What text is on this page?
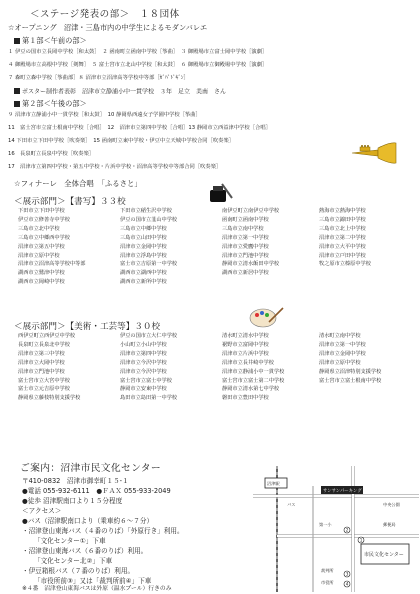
＜ステージ発表の部＞　１８団体
☆オープニング　沼津・三島市内の中学生によるモダンバレエ
第１部＜午前の部＞
１ 伊豆の国市立長岡中学校［和太鼓］　２ 函南町立函南中学校［筝曲］　３ 御殿場市立富士岡中学校［演劇］
４ 御殿場市立高根中学校［剣舞］　５ 富士宮市立北山中学校［和太鼓］　６ 御殿場市立御殿場中学校［演劇］
７ 森町立森中学校［筝曲部］８ 沼津市立沼津高等学校中等部［ｶﾞﾊﾞﾄﾞｷﾞﾝ］
ポスター制作者表彰　沼津市立静浦小中一貫学校　３年　足立　美南　さん
第２部＜午後の部＞
９ 沼津市立静浦小中一貫学校［和太鼓］　10 静岡県西遠女子学園中学校［筝曲］
11　富士宮市立富士根南中学校［合唱］　12　沼津市立第四中学校［合唱］13 静岡市立西益津中学校［合唱］
14 下田市立下田中学校［吹奏楽］　15 函南町立東中学校・伊豆中立天城中学校合同［吹奏楽］
16　長泉町立長泉中学校［吹奏楽］
17　沼津市立第四中学校・第五中学校・片浜中学校・沼津高等学校中等部合同［吹奏楽］
☆フィナーレ　全体合唱　「ふるさと」
＜展示部門＞【書写】３３校
下田市立下田中学校	下田市立稲生沢中学校	南伊豆町立南伊豆中学校	熱海市立熱海中学校
伊豆市立修善寺中学校	伊豆の国市立韮山中学校	函南町立函南中学校	三島市立錦田中学校
三島市立北中学校	三島市立中郷中学校	三島市立南中学校	三島市立北上中学校
三島市立中郷西中学校	三島市立山田中学校	沼津市立第一中学校	沼津市立第二中学校
沼津市立第五中学校	沼津市立金岡中学校	沼津市立愛鷹中学校	沼津市立大平中学校
沼津市立原中学校	沼津市立浮島中学校	沼津市立門池中学校	沼津市立戸田中学校
沼津市立沼津高等学校中等部	富士市立吉原第一中学校	静岡市立清水飯田中学校	牧之原市立榛原中学校
湖西市立鷲津中学校	湖西市立湖西中学校	湖西市立新居中学校
湖西市立岡崎中学校	湖西市立新所中学校
＜展示部門＞【美術・工芸等】３０校
西伊豆町立西伊豆中学校	伊豆の国市立大仁中学校	清水町立清水中学校	清水町立南中学校
長泉町立長泉北中学校	小山町立小山中学校	裾野市立富岡中学校	沼津市立第一中学校
沼津市立第三中学校	沼津市立第四中学校	沼津市立片浜中学校	沼津市立金岡中学校
沼津市立大岡中学校	沼津市立今沢中学校	沼津市立長井崎中学校	沼津市立原中学校
沼津市立門池中学校	沼津市立今沢中学校	沼津市立静浦小中一貫学校	静岡県立沼津特別支援学校
富士宮市立大宮中学校	富士宮市立富士中学校	富士宮市立富士第二中学校	富士宮市立富士根南中学校
富士市立元吉原中学校	静岡市立安東中学校	静岡市立清水第七中学校
静岡県立藤枝特別支援学校	島田市立島田第一中学校	磐田市立豊田中学校
ご案内：沼津市民文化センター
〒410-0832　沼津市御幸町１５-１
●電話 055-932-6111　●ＦＡＸ 055-933-2049
●徒歩 沼津駅南口より１５分程度
＜アクセス＞
●バス（沼津駅南口より（乗車約６～７分）
・沼津登山東海バス（４番のりば）「外原行き」利用。
「文化センター①」下車
・沼津登山東海バス（６番のりば）利用。
「文化センター北②」下車
・伊豆箱根バス（７番のりば）利用。
「市役所前③」又は「裁判所前④」下車
※４番　沼津登山東海バスは外原（温水プール）行きのみ
沼津駅
バス
サンサンパーキング
市民文化センター
第一小
裁判所
市役所
中央公園
郵便局
1
2
3
4
